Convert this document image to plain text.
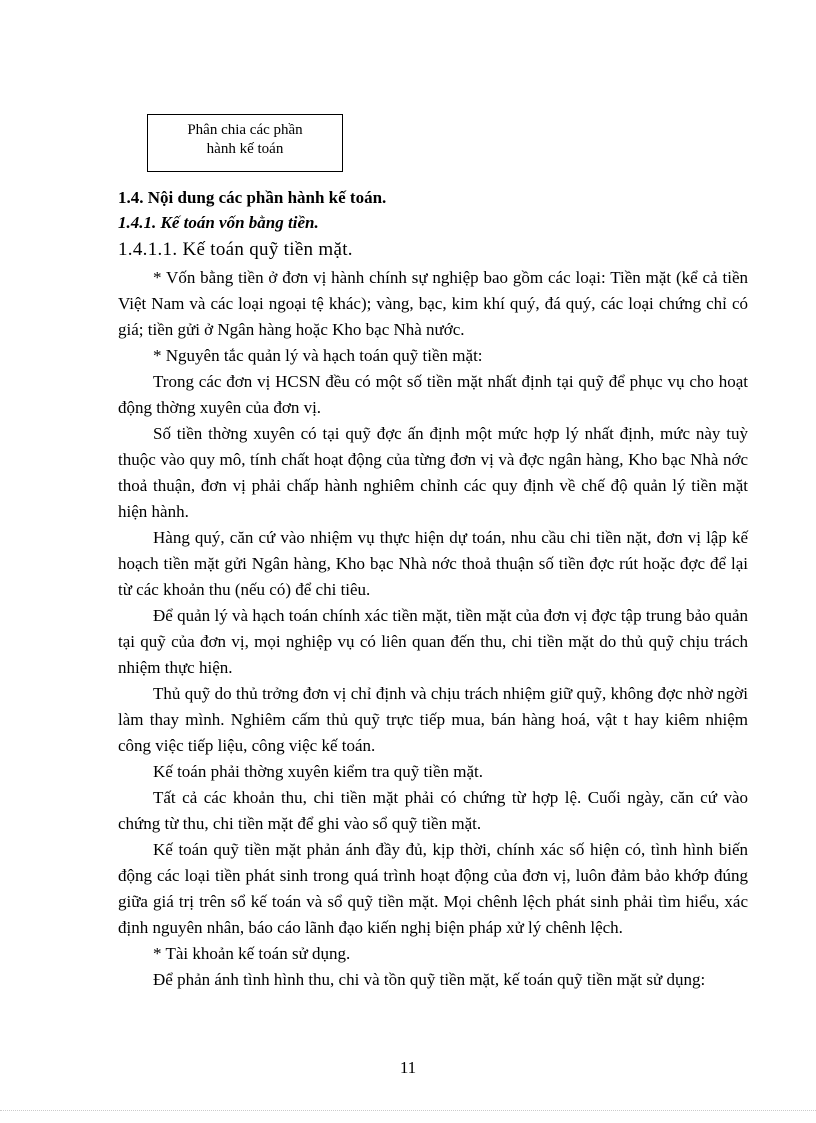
Phân chia các phần
hành kế toán

1.4. Nội dung các phần hành kế toán.

1.4.1. Kế toán vốn bằng tiền.

1.4.1.1. Kế toán quỹ tiền mặt.

* Vốn bằng tiền ở đơn vị hành chính sự nghiệp bao gồm các loại: Tiền mặt (kể cả tiền Việt Nam và các loại ngoại tệ khác); vàng, bạc, kim khí quý, đá quý, các loại chứng chỉ có giá; tiền gửi ở Ngân hàng hoặc Kho bạc Nhà nước.

* Nguyên tắc quản lý và hạch toán quỹ tiền mặt:

Trong các đơn vị HCSN đều có một số tiền mặt nhất định tại quỹ để phục vụ cho hoạt động thờng xuyên của đơn vị.

Số tiền thờng xuyên có tại quỹ đợc ấn định một mức hợp lý nhất định, mức này tuỳ thuộc vào quy mô, tính chất hoạt động của từng đơn vị và đợc ngân hàng, Kho bạc Nhà nớc thoả thuận, đơn vị phải chấp hành nghiêm chỉnh các quy định về chế độ quản lý tiền mặt hiện hành.

Hàng quý, căn cứ vào nhiệm vụ thực hiện dự toán, nhu cầu chi tiền nặt, đơn vị lập kế hoạch tiền mặt gửi Ngân hàng, Kho bạc Nhà nớc thoả thuận số tiền đợc rút hoặc đợc để lại từ các khoản thu (nếu có) để chi tiêu.

Để quản lý và hạch toán chính xác tiền mặt, tiền mặt của đơn vị đợc tập trung bảo quản tại quỹ của đơn vị, mọi nghiệp vụ có liên quan đến thu, chi tiền mặt do thủ quỹ chịu trách nhiệm thực hiện.

Thủ quỹ do thủ trởng đơn vị chỉ định và chịu trách nhiệm giữ quỹ, không đợc nhờ ngời làm thay mình. Nghiêm cấm thủ quỹ trực tiếp mua, bán hàng hoá, vật t hay kiêm nhiệm công việc tiếp liệu, công việc kế toán.

Kế toán phải thờng xuyên kiểm tra quỹ tiền mặt.

Tất cả các khoản thu, chi tiền mặt phải có chứng từ hợp lệ. Cuối ngày, căn cứ vào chứng từ thu, chi tiền mặt để ghi vào sổ quỹ tiền mặt.

Kế toán quỹ tiền mặt phản ánh đầy đủ, kịp thời, chính xác số hiện có, tình hình biến động các loại tiền phát sinh trong quá trình hoạt động của đơn vị, luôn đảm bảo khớp đúng giữa giá trị trên sổ kế toán và sổ quỹ tiền mặt. Mọi chênh lệch phát sinh phải tìm hiểu, xác định nguyên nhân, báo cáo lãnh đạo kiến nghị biện pháp xử lý chênh lệch.

* Tài khoản kế toán sử dụng.

Để phản ánh tình hình thu, chi và tồn quỹ tiền mặt, kế toán quỹ tiền mặt sử dụng:

11
